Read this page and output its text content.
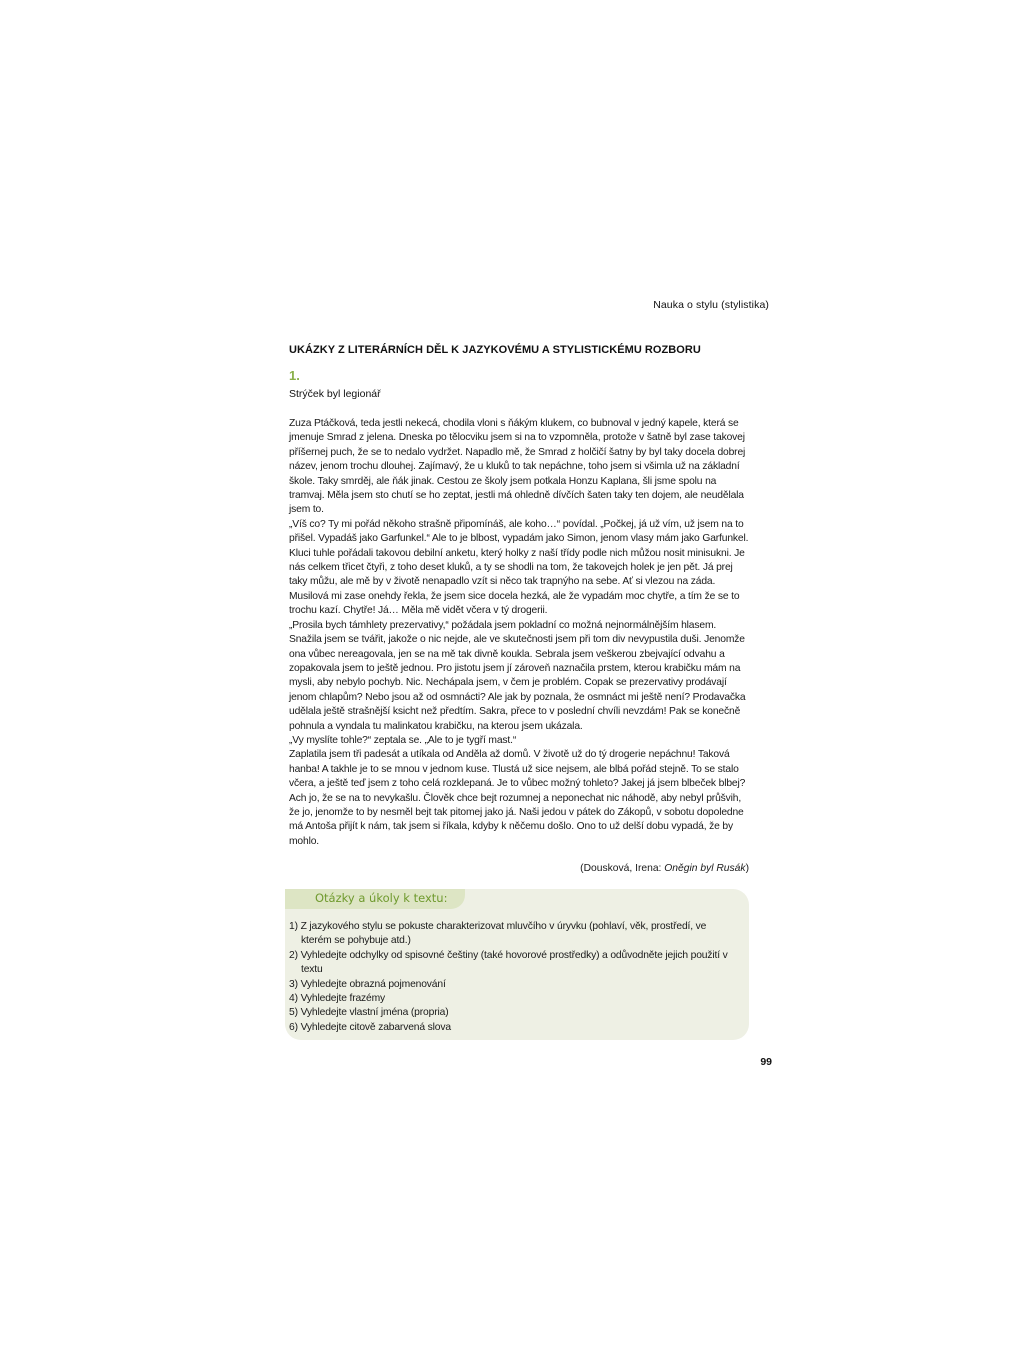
Nauka o stylu (stylistika)
UKÁZKY Z LITERÁRNÍCH DĚL K JAZYKOVÉMU A STYLISTICKÉMU ROZBORU
1.
Strýček byl legionář

Zuza Ptáčková, teda jestli nekecá, chodila vloni s ňákým klukem, co bubnoval v jedný kapele, která se jmenuje Smrad z jelena. Dneska po tělocviku jsem si na to vzpomněla, protože v šatně byl zase takovej příšernej puch, že se to nedalo vydržet. Napadlo mě, že Smrad z holčičí šatny by byl taky docela dobrej název, jenom trochu dlouhej. Zajímavý, že u kluků to tak nepáchne, toho jsem si všimla už na základní škole. Taky smrděj, ale ňák jinak. Cestou ze školy jsem potkala Honzu Kaplana, šli jsme spolu na tramvaj. Měla jsem sto chutí se ho zeptat, jestli má ohledně dívčích šaten taky ten dojem, ale neudělala jsem to.

„Víš co? Ty mi pořád někoho strašně připomínáš, ale koho…“ povídal. „Počkej, já už vím, už jsem na to přišel. Vypadáš jako Garfunkel.“ Ale to je blbost, vypadám jako Simon, jenom vlasy mám jako Garfunkel.

Kluci tuhle pořádali takovou debilní anketu, který holky z naší třídy podle nich můžou nosit minisukni. Je nás celkem třicet čtyři, z toho deset kluků, a ty se shodli na tom, že takovejch holek je jen pět. Já prej taky můžu, ale mě by v životě nenapadlo vzít si něco tak trapnýho na sebe. Ať si vlezou na záda. Musilová mi zase onehdy řekla, že jsem sice docela hezká, ale že vypadám moc chytře, a tím že se to trochu kazí. Chytře! Já… Měla mě vidět včera v tý drogerii.

„Prosila bych támhlety prezervativy,“ požádala jsem pokladní co možná nejnormálnějším hlasem. Snažila jsem se tvářit, jakože o nic nejde, ale ve skutečnosti jsem při tom div nevypustila duši. Jenomže ona vůbec nereagovala, jen se na mě tak divně koukla. Sebrala jsem veškerou zbejvající odvahu a zopakovala jsem to ještě jednou. Pro jistotu jsem jí zároveň naznačila prstem, kterou krabičku mám na mysli, aby nebylo pochyb. Nic. Nechápala jsem, v čem je problém. Copak se prezervativy prodávají jenom chlapům? Nebo jsou až od osmnácti? Ale jak by poznala, že osmnáct mi ještě není? Prodavačka udělala ještě strašnější ksicht než předtím. Sakra, přece to v poslední chvíli nevzdám! Pak se konečně pohnula a vyndala tu malinkatou krabičku, na kterou jsem ukázala.

„Vy myslíte tohle?“ zeptala se. „Ale to je tygří mast.“

Zaplatila jsem tři padesát a utíkala od Anděla až domů. V životě už do tý drogerie nepáchnu! Taková hanba! A takhle je to se mnou v jednom kuse. Tlustá už sice nejsem, ale blbá pořád stejně. To se stalo včera, a ještě teď jsem z toho celá rozklepaná. Je to vůbec možný tohleto? Jakej já jsem blbeček blbej? Ach jo, že se na to nevykašlu. Člověk chce bejt rozumnej a neponechat nic náhodě, aby nebyl průšvih, že jo, jenomže to by nesměl bejt tak pitomej jako já. Naši jedou v pátek do Zákopů, v sobotu dopoledne má Antoša přijít k nám, tak jsem si říkala, kdyby k něčemu došlo. Ono to už delší dobu vypadá, že by mohlo.

(Dousková, Irena: Oněgin byl Rusák)
Otázky a úkoly k textu:
1) Z jazykového stylu se pokuste charakterizovat mluvčího v úryvku (pohlaví, věk, prostředí, ve kterém se pohybuje atd.)
2) Vyhledejte odchylky od spisovné češtiny (také hovorové prostředky) a odůvodněte jejich použití v textu
3) Vyhledejte obrazná pojmenování
4) Vyhledejte frazémy
5) Vyhledejte vlastní jména (propria)
6) Vyhledejte citově zabarvená slova
99
